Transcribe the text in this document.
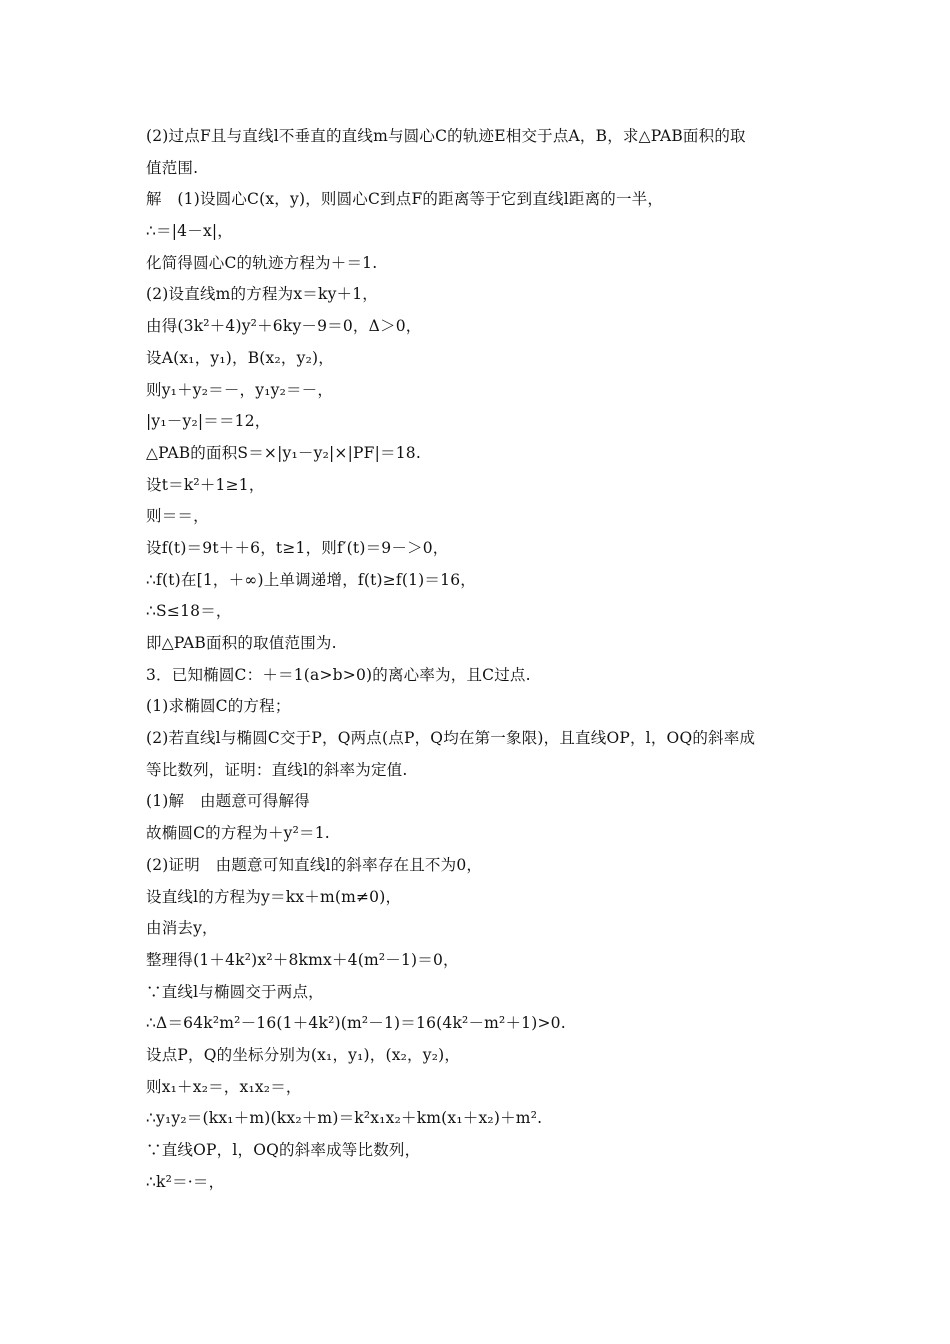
(2)过点F且与直线l不垂直的直线m与圆心C的轨迹E相交于点A，B，求△PAB面积的取
值范围.
解　(1)设圆心C(x，y)，则圆心C到点F的距离等于它到直线l距离的一半，
∴＝|4－x|，
化简得圆心C的轨迹方程为＋＝1.
(2)设直线m的方程为x＝ky＋1，
由得(3k²＋4)y²＋6ky－9＝0，Δ＞0，
设A(x₁，y₁)，B(x₂，y₂)，
则y₁＋y₂＝－，y₁y₂＝－，
|y₁－y₂|＝＝12，
△PAB的面积S＝×|y₁－y₂|×|PF|＝18.
设t＝k²＋1≥1，
则＝＝，
设f(t)＝9t＋＋6，t≥1，则f′(t)＝9－＞0，
∴f(t)在[1，＋∞)上单调递增，f(t)≥f(1)＝16，
∴S≤18＝，
即△PAB面积的取值范围为.
3．已知椭圆C：＋＝1(a>b>0)的离心率为，且C过点.
(1)求椭圆C的方程；
(2)若直线l与椭圆C交于P，Q两点(点P，Q均在第一象限)，且直线OP，l，OQ的斜率成
等比数列，证明：直线l的斜率为定值.
(1)解　由题意可得解得
故椭圆C的方程为＋y²＝1.
(2)证明　由题意可知直线l的斜率存在且不为0，
设直线l的方程为y＝kx＋m(m≠0)，
由消去y，
整理得(1＋4k²)x²＋8kmx＋4(m²－1)＝0，
∵直线l与椭圆交于两点，
∴Δ＝64k²m²－16(1＋4k²)(m²－1)＝16(4k²－m²＋1)>0.
设点P，Q的坐标分别为(x₁，y₁)，(x₂，y₂)，
则x₁＋x₂＝，x₁x₂＝，
∴y₁y₂＝(kx₁＋m)(kx₂＋m)＝k²x₁x₂＋km(x₁＋x₂)＋m².
∵直线OP，l，OQ的斜率成等比数列，
∴k²＝·＝，
